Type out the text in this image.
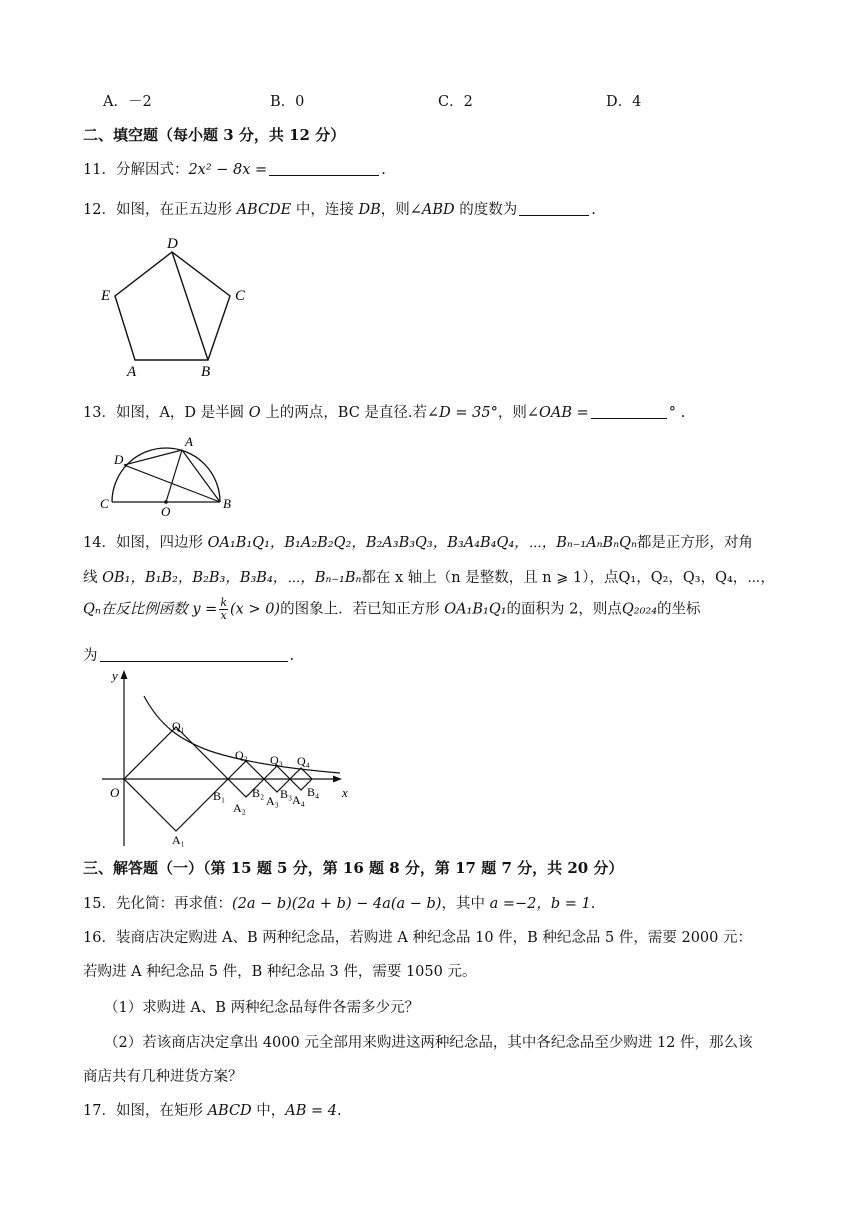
A．－2	B．0	C．2	D．4
二、填空题（每小题 3 分，共 12 分）
11．分解因式：2x² − 8x =	.
12．如图，在正五边形 ABCDE 中，连接 DB，则∠ABD 的度数为	.
D
E	C
A	B
13．如图，A，D 是半圆 O 上的两点，BC 是直径.若∠D = 35°，则∠OAB =	° .
A
D
C
O
B
14．如图，四边形 OA₁B₁Q₁，B₁A₂B₂Q₂，B₂A₃B₃Q₃，B₃A₄B₄Q₄，⋯，Bₙ₋₁AₙBₙQₙ都是正方形，对角
线 OB₁，B₁B₂，B₂B₃，B₃B₄，⋯，Bₙ₋₁Bₙ都在 x 轴上（n 是整数，且 n ⩾ 1），点Q₁，Q₂，Q₃，Q₄，⋯，
Qₙ在反比例函数 $y = \frac{k}{x} (x > 0)$的图象上．若已知正方形 OA₁B₁Q₁的面积为 2，则点Q₂₀₂₄的坐标
为	.
y
O	x
Q₁
Q₂ Q₃ Q₄
B₁ B₂ B₃ B₄
A₁
A₂ A₃ A₄
三、解答题（一）（第 15 题 5 分，第 16 题 8 分，第 17 题 7 分，共 20 分）
15．先化简：再求值：(2a − b)(2a + b) − 4a(a − b)，其中 a =−2，b = 1.
16．装商店决定购进 A、B 两种纪念品，若购进 A 种纪念品 10 件，B 种纪念品 5 件，需要 2000 元：
若购进 A 种纪念品 5 件，B 种纪念品 3 件，需要 1050 元。
（1）求购进 A、B 两种纪念品每件各需多少元？
（2）若该商店决定拿出 4000 元全部用来购进这两种纪念品，其中各纪念品至少购进 12 件，那么该
商店共有几种进货方案？
17．如图，在矩形 ABCD 中，AB = 4.
